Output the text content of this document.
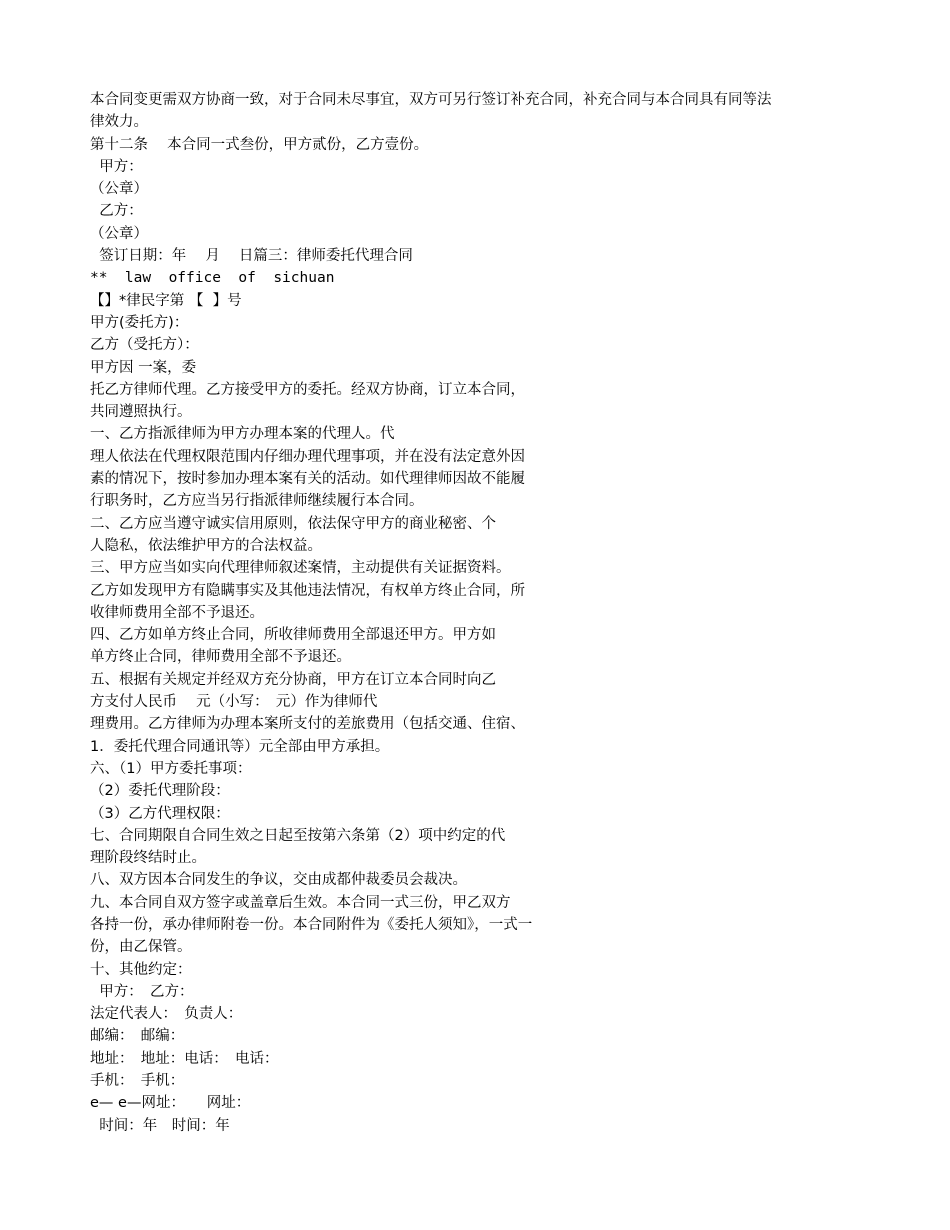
本合同变更需双方协商一致，对于合同未尽事宜，双方可另行签订补充合同，补充合同与本合同具有同等法
律效力。
第十二条　 本合同一式叁份，甲方贰份，乙方壹份。
甲方：
（公章）
乙方：
（公章）
签订日期：年　 月　 日篇三：律师委托代理合同
**  law  office  of  sichuan
【】*律民字第 【  】号
甲方(委托方)：
乙方（受托方）：
甲方因 一案，委
托乙方律师代理。乙方接受甲方的委托。经双方协商，订立本合同，
共同遵照执行。
一、乙方指派律师为甲方办理本案的代理人。代
理人依法在代理权限范围内仔细办理代理事项，并在没有法定意外因
素的情况下，按时参加办理本案有关的活动。如代理律师因故不能履
行职务时，乙方应当另行指派律师继续履行本合同。
二、乙方应当遵守诚实信用原则，依法保守甲方的商业秘密、个
人隐私，依法维护甲方的合法权益。
三、甲方应当如实向代理律师叙述案情，主动提供有关证据资料。
乙方如发现甲方有隐瞒事实及其他违法情况，有权单方终止合同，所
收律师费用全部不予退还。
四、乙方如单方终止合同，所收律师费用全部退还甲方。甲方如
单方终止合同，律师费用全部不予退还。
五、根据有关规定并经双方充分协商，甲方在订立本合同时向乙
方支付人民币　 元（小写：　元）作为律师代
理费用。乙方律师为办理本案所支付的差旅费用（包括交通、住宿、
1．委托代理合同通讯等）元全部由甲方承担。
六、（1）甲方委托事项：
（2）委托代理阶段：
（3）乙方代理权限：
七、合同期限自合同生效之日起至按第六条第（2）项中约定的代
理阶段终结时止。
八、双方因本合同发生的争议，交由成都仲裁委员会裁决。
九、本合同自双方签字或盖章后生效。本合同一式三份，甲乙双方
各持一份，承办律师附卷一份。本合同附件为《委托人须知》，一式一
份，由乙保管。
十、其他约定：
甲方：　乙方：
法定代表人：　负责人：
邮编：　邮编：
地址：　地址：电话：　电话：
手机：　手机：
e— e—网址：　　网址：
时间：年　时间：年
